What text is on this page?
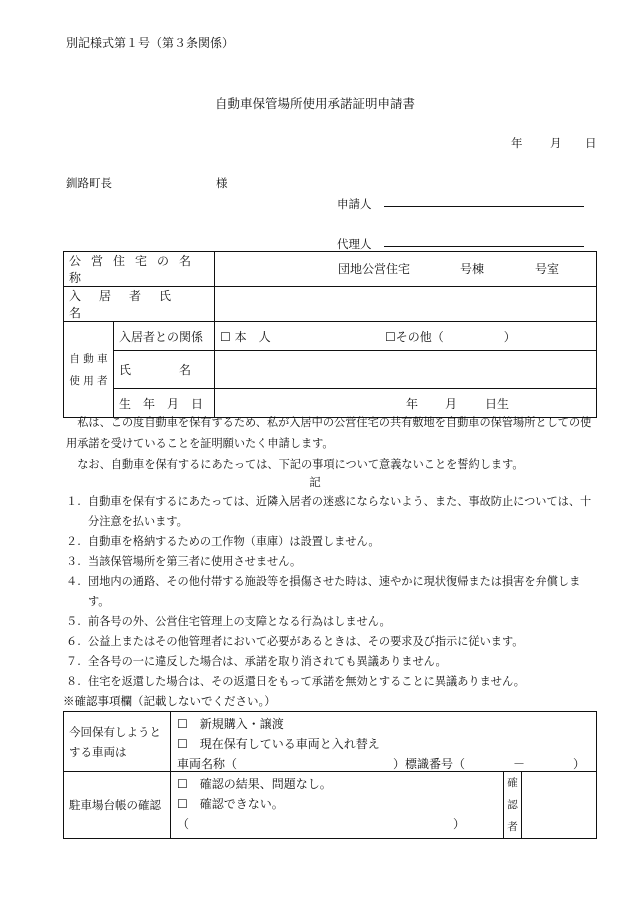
別記様式第１号（第３条関係）
自動車保管場所使用承諾証明申請書
年 月 日
釧路町長	様
申請人
代理人
公営住宅の名称		団地公営住宅 号棟 号室

入居者氏名		

自 動 車
使 用 者	入居者との関係	☐ 本　人 ☐その他（　　　　　）

	氏　　　　名	
	生　年　月　日	年 月 日生
　私は、この度自動車を保有するため、私が入居中の公営住宅の共有敷地を自動車の保管場所としての使用承諾を受けていることを証明願いたく申請します。
　なお、自動車を保有するにあたっては、下記の事項について意義ないことを誓約します。
記
１. 自動車を保有するにあたっては、近隣入居者の迷惑にならないよう、また、事故防止については、十分注意を払います。
２. 自動車を格納するための工作物（車庫）は設置しません。
３. 当該保管場所を第三者に使用させません。
４. 団地内の通路、その他付帯する施設等を損傷させた時は、速やかに現状復帰または損害を弁償します。
５. 前各号の外、公営住宅管理上の支障となる行為はしません。
６. 公益上またはその他管理者において必要があるときは、その要求及び指示に従います。
７. 全各号の一に違反した場合は、承諾を取り消されても異議ありません。
８. 住宅を返還した場合は、その返還日をもって承諾を無効とすることに異議ありません。
※確認事項欄（記載しないでください。）
今回保有しようとする車両は	☐　新規購入・譲渡
☐　現在保有している車両と入れ替え
車両名称（　　　　　　　　　　　　　）標識番号（　　　　－　　　　）		

駐車場台帳の確認	☐　確認の結果、問題なし。
☐　確認できない。
（　　　　　　　　　　　　　　　　　　　　　　）	確
認
者	
